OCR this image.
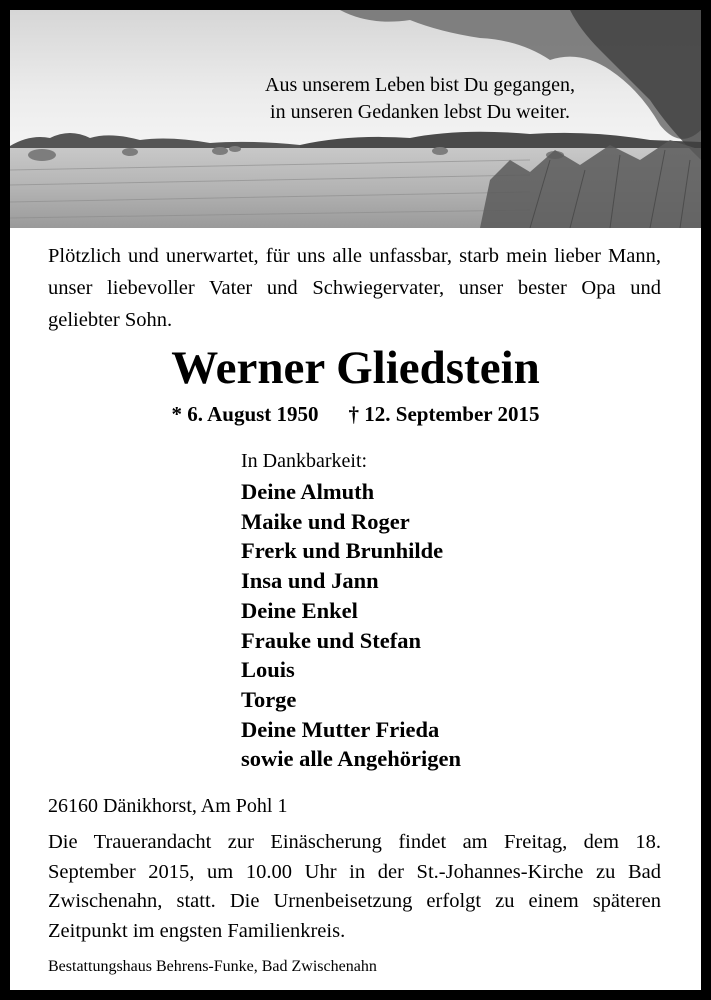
Aus unserem Leben bist Du gegangen,
in unseren Gedanken lebst Du weiter.
Plötzlich und unerwartet, für uns alle unfassbar, starb mein lieber Mann, unser liebevoller Vater und Schwiegervater, unser bester Opa und geliebter Sohn.
Werner Gliedstein
* 6. August 1950 † 12. September 2015
In Dankbarkeit:
Deine Almuth
Maike und Roger
Frerk und Brunhilde
Insa und Jann
Deine Enkel
Frauke und Stefan
Louis
Torge
Deine Mutter Frieda
sowie alle Angehörigen
26160 Dänikhorst, Am Pohl 1
Die Trauerandacht zur Einäscherung findet am Freitag, dem 18. September 2015, um 10.00 Uhr in der St.-Johannes-Kirche zu Bad Zwischenahn, statt. Die Urnenbeisetzung erfolgt zu einem späteren Zeitpunkt im engsten Familienkreis.
Bestattungshaus Behrens-Funke, Bad Zwischenahn
